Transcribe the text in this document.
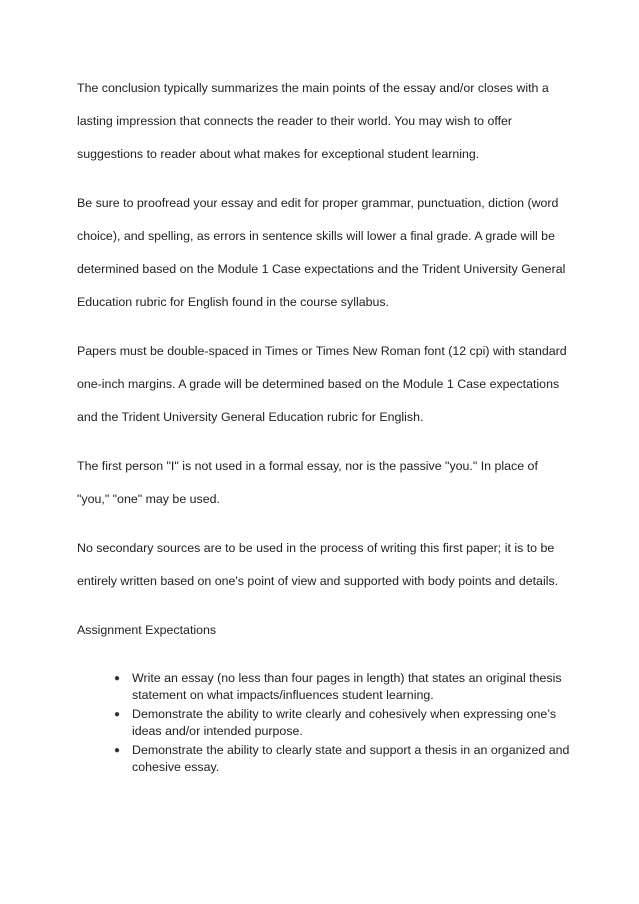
The conclusion typically summarizes the main points of the essay and/or closes with a lasting impression that connects the reader to their world. You may wish to offer suggestions to reader about what makes for exceptional student learning.

Be sure to proofread your essay and edit for proper grammar, punctuation, diction (word choice), and spelling, as errors in sentence skills will lower a final grade. A grade will be determined based on the Module 1 Case expectations and the Trident University General Education rubric for English found in the course syllabus.

Papers must be double-spaced in Times or Times New Roman font (12 cpi) with standard one-inch margins. A grade will be determined based on the Module 1 Case expectations and the Trident University General Education rubric for English.

The first person "I" is not used in a formal essay, nor is the passive "you." In place of "you," "one" may be used.

No secondary sources are to be used in the process of writing this first paper; it is to be entirely written based on one's point of view and supported with body points and details.

Assignment Expectations

● Write an essay (no less than four pages in length) that states an original thesis statement on what impacts/influences student learning.
● Demonstrate the ability to write clearly and cohesively when expressing one’s ideas and/or intended purpose.
● Demonstrate the ability to clearly state and support a thesis in an organized and cohesive essay.
